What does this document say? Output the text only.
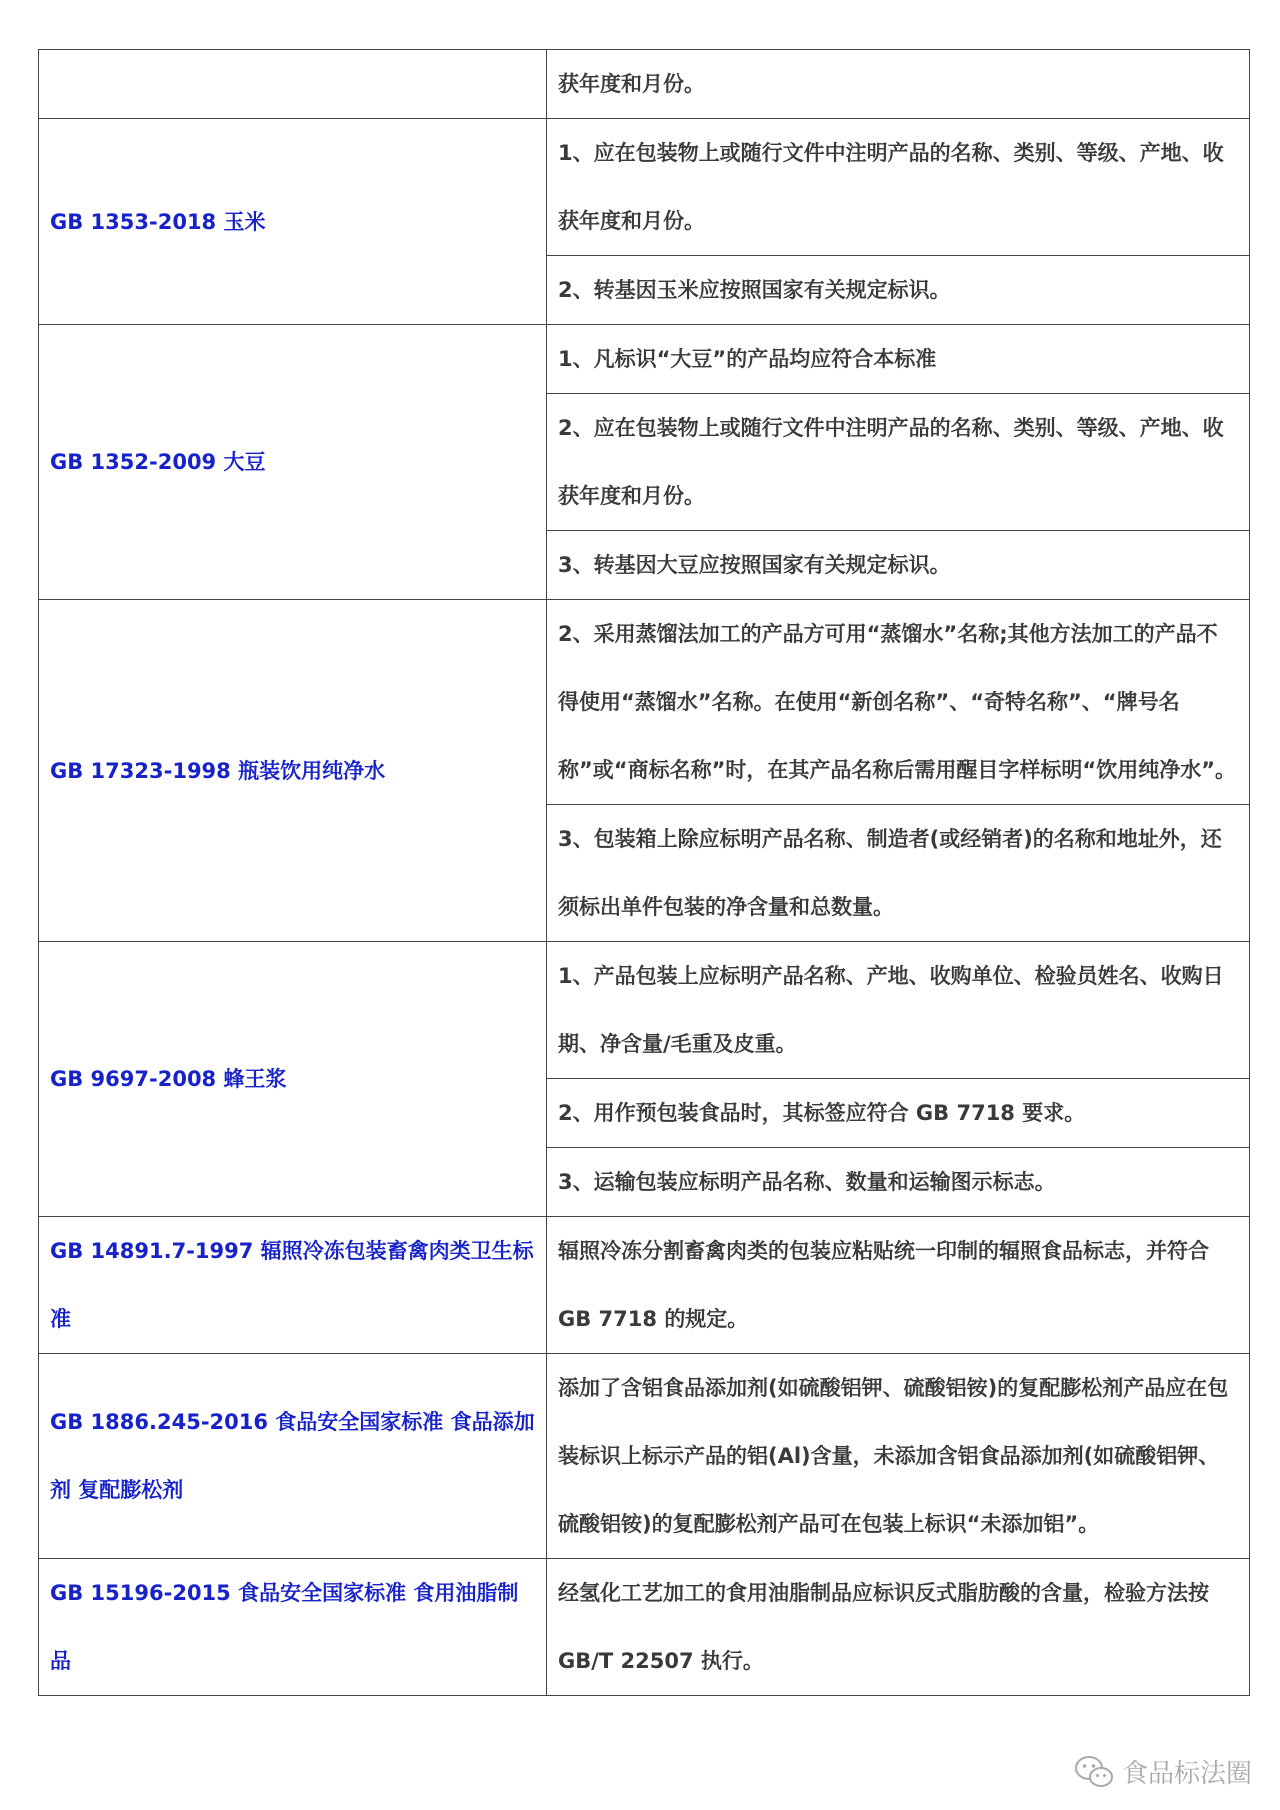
	获年度和月份。
GB 1353-2018 玉米	1、应在包装物上或随行文件中注明产品的名称、类别、等级、产地、收获年度和月份。
	2、转基因玉米应按照国家有关规定标识。
GB 1352-2009 大豆	1、凡标识“大豆”的产品均应符合本标准
	2、应在包装物上或随行文件中注明产品的名称、类别、等级、产地、收获年度和月份。
	3、转基因大豆应按照国家有关规定标识。
GB 17323-1998 瓶装饮用纯净水	2、采用蒸馏法加工的产品方可用“蒸馏水”名称;其他方法加工的产品不得使用“蒸馏水”名称。在使用“新创名称”、“奇特名称”、“牌号名称”或“商标名称”时，在其产品名称后需用醒目字样标明“饮用纯净水”。
	3、包装箱上除应标明产品名称、制造者(或经销者)的名称和地址外，还须标出单件包装的净含量和总数量。
GB 9697-2008 蜂王浆	1、产品包装上应标明产品名称、产地、收购单位、检验员姓名、收购日期、净含量/毛重及皮重。
	2、用作预包装食品时，其标签应符合 GB 7718 要求。
	3、运输包装应标明产品名称、数量和运输图示标志。
GB 14891.7-1997 辐照冷冻包装畜禽肉类卫生标准	辐照冷冻分割畜禽肉类的包装应粘贴统一印制的辐照食品标志，并符合 GB 7718 的规定。
GB 1886.245-2016 食品安全国家标准 食品添加剂 复配膨松剂	添加了含铝食品添加剂(如硫酸铝钾、硫酸铝铵)的复配膨松剂产品应在包装标识上标示产品的铝(Al)含量，未添加含铝食品添加剂(如硫酸铝钾、硫酸铝铵)的复配膨松剂产品可在包装上标识“未添加铝”。
GB 15196-2015 食品安全国家标准 食用油脂制品	经氢化工艺加工的食用油脂制品应标识反式脂肪酸的含量，检验方法按 GB/T 22507 执行。
食品标法圈
